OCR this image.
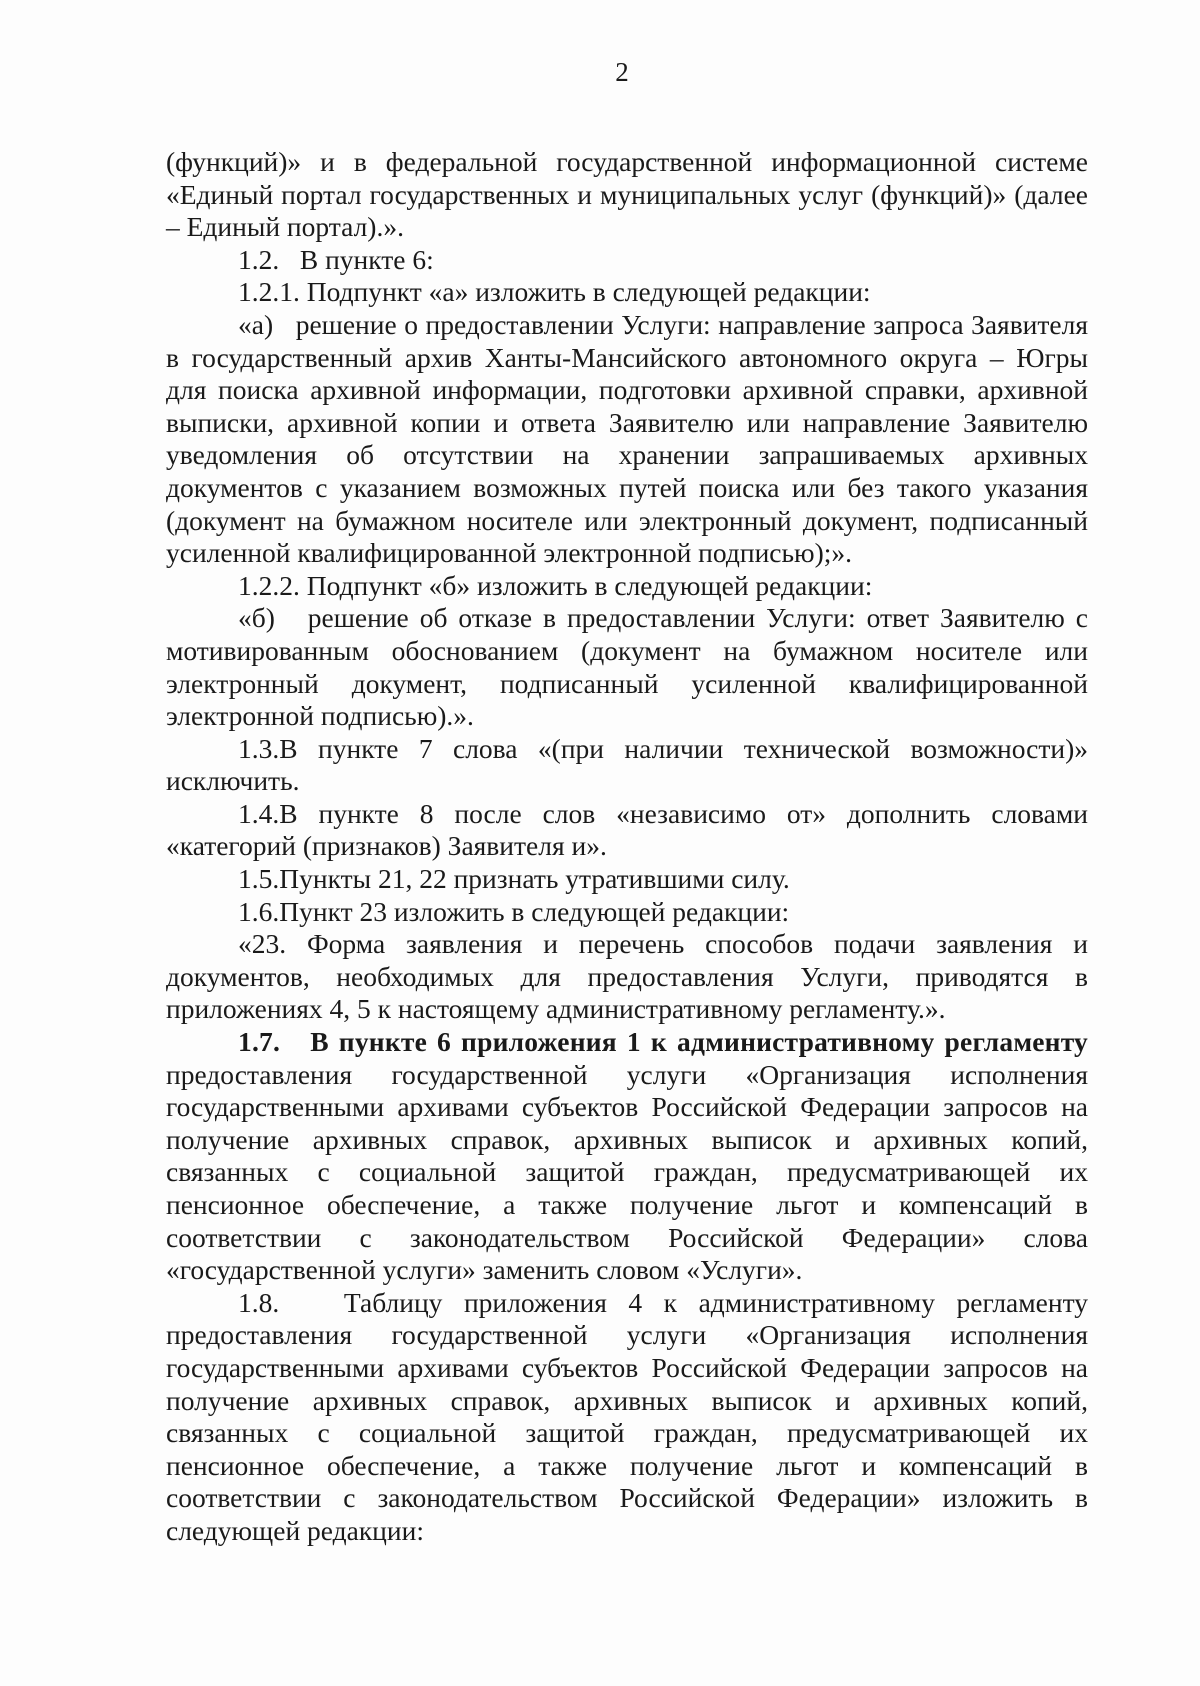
2

(функций)» и в федеральной государственной информационной системе «Единый портал государственных и муниципальных услуг (функций)» (далее – Единый портал).».

1.2.   В пункте 6:

1.2.1. Подпункт «а» изложить в следующей редакции:

«а)   решение о предоставлении Услуги: направление запроса Заявителя в государственный архив Ханты-Мансийского автономного округа – Югры для поиска архивной информации, подготовки архивной справки, архивной выписки, архивной копии и ответа Заявителю или направление Заявителю уведомления об отсутствии на хранении запрашиваемых архивных документов с указанием возможных путей поиска или без такого указания (документ на бумажном носителе или электронный документ, подписанный усиленной квалифицированной электронной подписью);».

1.2.2. Подпункт «б» изложить в следующей редакции:

«б)   решение об отказе в предоставлении Услуги: ответ Заявителю с мотивированным обоснованием (документ на бумажном носителе или электронный документ, подписанный усиленной квалифицированной электронной подписью).».

1.3.В пункте 7 слова «(при наличии технической возможности)» исключить.

1.4.В пункте 8 после слов «независимо от» дополнить словами «категорий (признаков) Заявителя и».

1.5.Пункты 21, 22 признать утратившими силу.

1.6.Пункт 23 изложить в следующей редакции:

«23. Форма заявления и перечень способов подачи заявления и документов, необходимых для предоставления Услуги, приводятся в приложениях 4, 5 к настоящему административному регламенту.».

1.7.   В пункте 6 приложения 1 к административному регламенту предоставления государственной услуги «Организация исполнения государственными архивами субъектов Российской Федерации запросов на получение архивных справок, архивных выписок и архивных копий, связанных с социальной защитой граждан, предусматривающей их пенсионное обеспечение, а также получение льгот и компенсаций в соответствии с законодательством Российской Федерации» слова «государственной услуги» заменить словом «Услуги».

1.8.   Таблицу приложения 4 к административному регламенту предоставления государственной услуги «Организация исполнения государственными архивами субъектов Российской Федерации запросов на получение архивных справок, архивных выписок и архивных копий, связанных с социальной защитой граждан, предусматривающей их пенсионное обеспечение, а также получение льгот и компенсаций в соответствии с законодательством Российской Федерации» изложить в следующей редакции:
